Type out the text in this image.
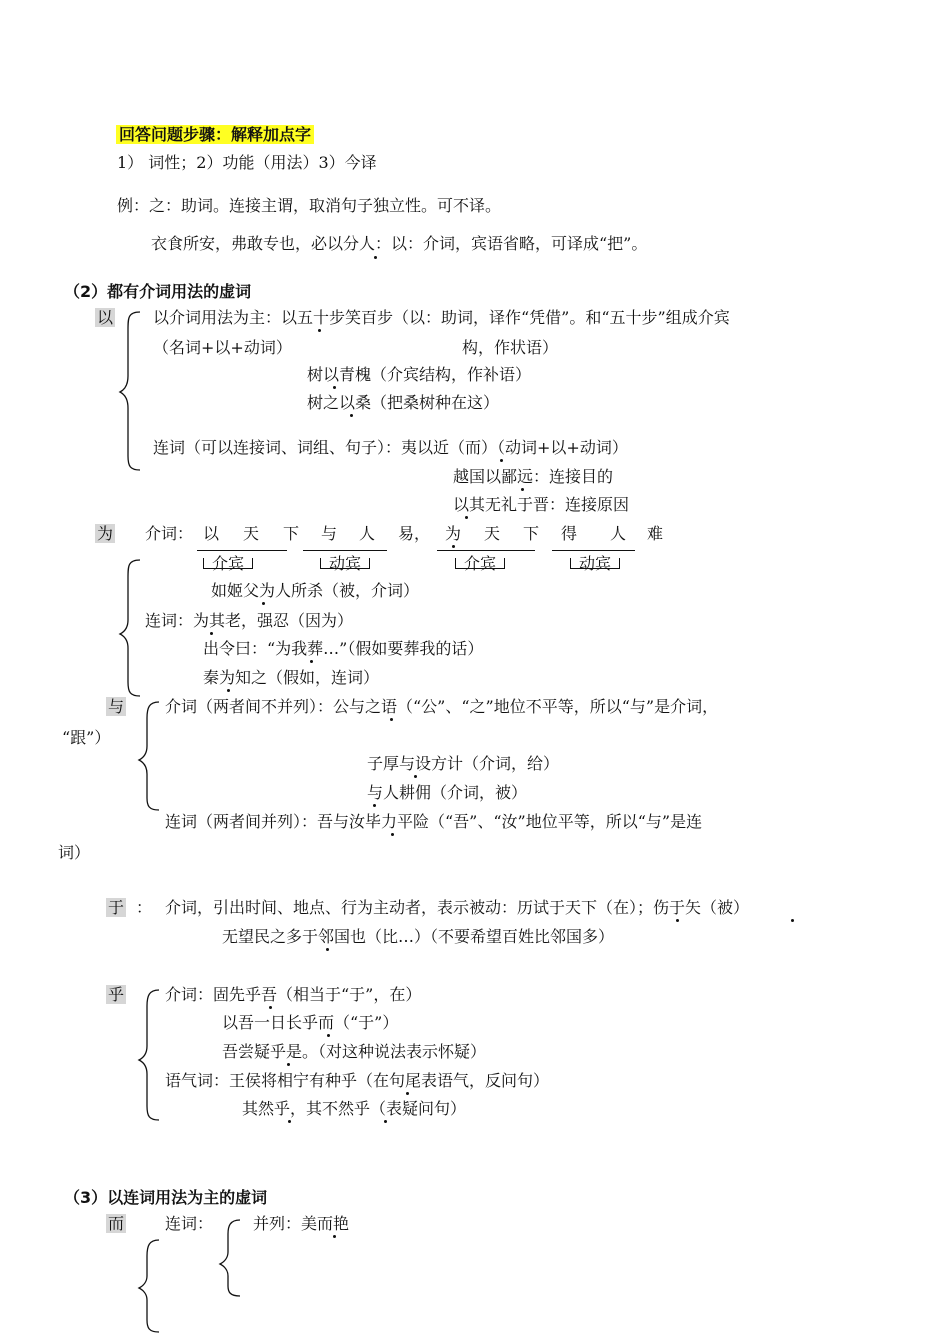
回答问题步骤：解释加点字
1） 词性；2）功能（用法）3）今译
例：之：助词。连接主谓，取消句子独立性。可不译。
衣食所安，弗敢专也，必以分人：以：介词，宾语省略，可译成“把”。
（2）都有介词用法的虚词
以 以介词用法为主：以五十步笑百步（以：助词，译作“凭借”。和“五十步”组成介宾
（名词+以+动词）	构，作状语）
树以青槐（介宾结构，作补语）
树之以桑（把桑树种在这）
连词（可以连接词、词组、句子）：夷以近（而）（动词+以+动词）
越国以鄙远：连接目的
以其无礼于晋：连接原因
为 介词： 以 天 下 与 人 易， 为 天 下 得 人 难
介宾	动宾	介宾	动宾
如姬父为人所杀（被，介词）
连词：为其老，强忍（因为）
出令曰：“为我葬…”（假如要葬我的话）
秦为知之（假如，连词）
与	介词（两者间不并列）：公与之语（“公”、“之”地位不平等，所以“与”是介词，
“跟”）
子厚与设方计（介词，给）
与人耕佣（介词，被）
连词（两者间并列）：吾与汝毕力平险（“吾”、“汝”地位平等，所以“与”是连
词）
于 ： 介词，引出时间、地点、行为主动者，表示被动：历试于天下（在）；伤于矢（被）
无望民之多于邻国也（比…）（不要希望百姓比邻国多）
乎	介词：固先乎吾（相当于“于”，在）
以吾一日长乎而（“于”）
吾尝疑乎是。（对这种说法表示怀疑）
语气词：王侯将相宁有种乎（在句尾表语气，反问句）
其然乎，其不然乎（表疑问句）
（3）以连词用法为主的虚词
而	连词： 并列：美而艳
